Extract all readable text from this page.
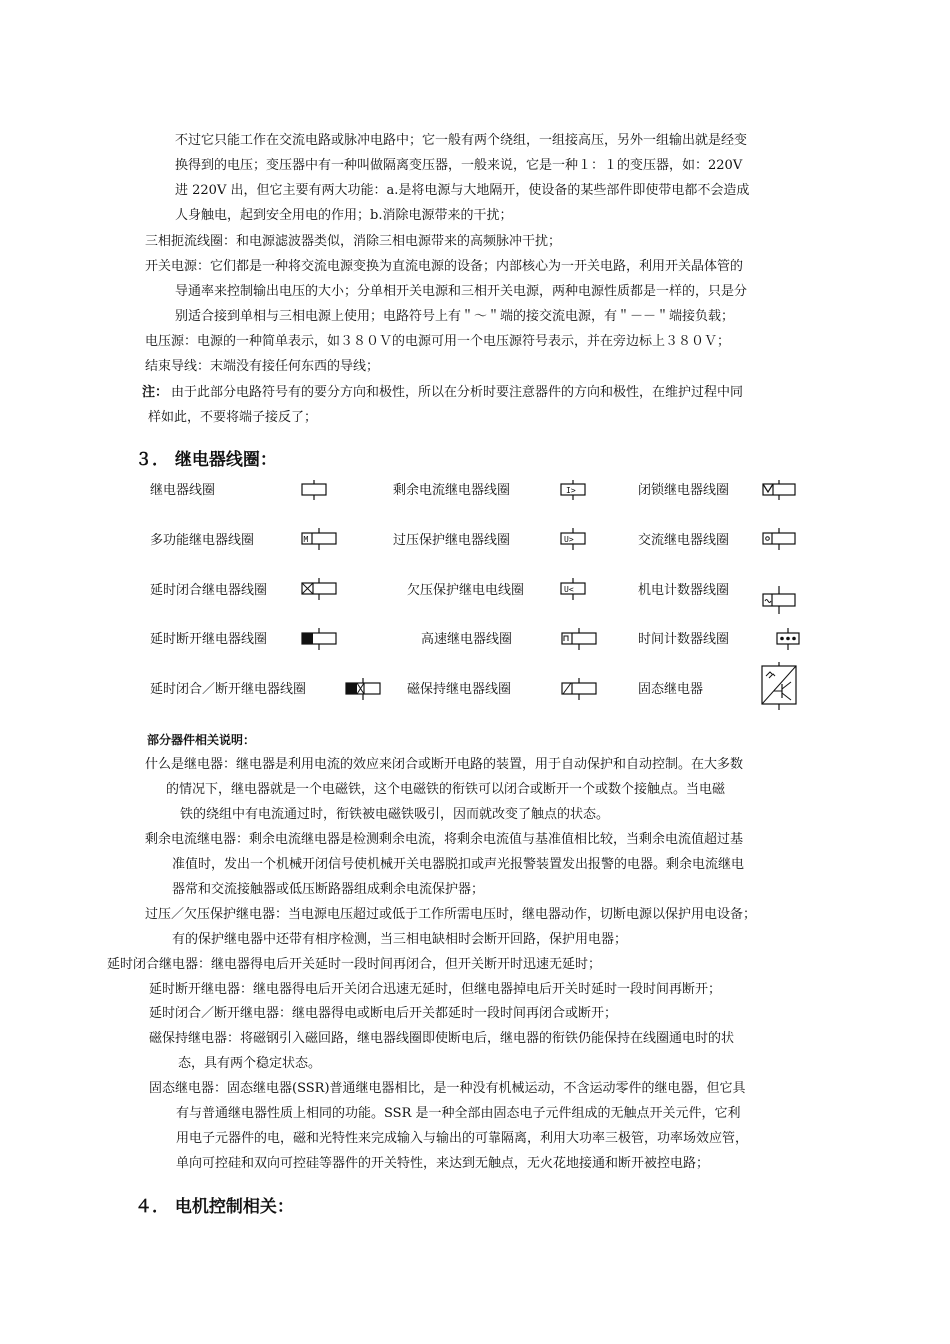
不过它只能工作在交流电路或脉冲电路中；它一般有两个绕组，一组接高压，另外一组输出就是经变
换得到的电压；变压器中有一种叫做隔离变压器，一般来说，它是一种１：１的变压器，如：220V
进 220V 出，但它主要有两大功能：a.是将电源与大地隔开，使设备的某些部件即使带电都不会造成
人身触电，起到安全用电的作用；b.消除电源带来的干扰；
三相扼流线圈：和电源滤波器类似，消除三相电源带来的高频脉冲干扰；
开关电源：它们都是一种将交流电源变换为直流电源的设备；内部核心为一开关电路，利用开关晶体管的
导通率来控制输出电压的大小；分单相开关电源和三相开关电源，两种电源性质都是一样的，只是分
别适合接到单相与三相电源上使用；电路符号上有＂～＂端的接交流电源，有＂－－＂端接负载；
电压源：电源的一种简单表示，如３８０Ｖ的电源可用一个电压源符号表示，并在旁边标上３８０Ｖ；
结束导线：末端没有接任何东西的导线；
注： 由于此部分电路符号有的要分方向和极性，所以在分析时要注意器件的方向和极性，在维护过程中同
样如此，不要将端子接反了；
３． 继电器线圈：
继电器线圈	剩余电流继电器线圈	I>	闭锁继电器线圈
多功能继电器线圈	M	过压保护继电器线圈	U>	交流继电器线圈
延时闭合继电器线圈	欠压保护继电电线圈	U<	机电计数器线圈
延时断开继电器线圈	高速继电器线圈	时间计数器线圈
延时闭合／断开继电器线圈	磁保持继电器线圈	固态继电器
部分器件相关说明：
什么是继电器：继电器是利用电流的效应来闭合或断开电路的装置，用于自动保护和自动控制。在大多数
的情况下，继电器就是一个电磁铁，这个电磁铁的衔铁可以闭合或断开一个或数个接触点。当电磁
铁的绕组中有电流通过时，衔铁被电磁铁吸引，因而就改变了触点的状态。
剩余电流继电器：剩余电流继电器是检测剩余电流，将剩余电流值与基准值相比较，当剩余电流值超过基
准值时，发出一个机械开闭信号使机械开关电器脱扣或声光报警装置发出报警的电器。剩余电流继电
器常和交流接触器或低压断路器组成剩余电流保护器；
过压／欠压保护继电器：当电源电压超过或低于工作所需电压时，继电器动作，切断电源以保护用电设备；
有的保护继电器中还带有相序检测，当三相电缺相时会断开回路，保护用电器；
延时闭合继电器：继电器得电后开关延时一段时间再闭合，但开关断开时迅速无延时；
延时断开继电器：继电器得电后开关闭合迅速无延时，但继电器掉电后开关时延时一段时间再断开；
延时闭合／断开继电器：继电器得电或断电后开关都延时一段时间再闭合或断开；
磁保持继电器：将磁钢引入磁回路，继电器线圈即使断电后，继电器的衔铁仍能保持在线圈通电时的状
态，具有两个稳定状态。
固态继电器：固态继电器(SSR)普通继电器相比，是一种没有机械运动，不含运动零件的继电器，但它具
有与普通继电器性质上相同的功能。SSR 是一种全部由固态电子元件组成的无触点开关元件，它利
用电子元器件的电，磁和光特性来完成输入与输出的可靠隔离，利用大功率三极管，功率场效应管，
单向可控硅和双向可控硅等器件的开关特性，来达到无触点，无火花地接通和断开被控电路；
４． 电机控制相关：
